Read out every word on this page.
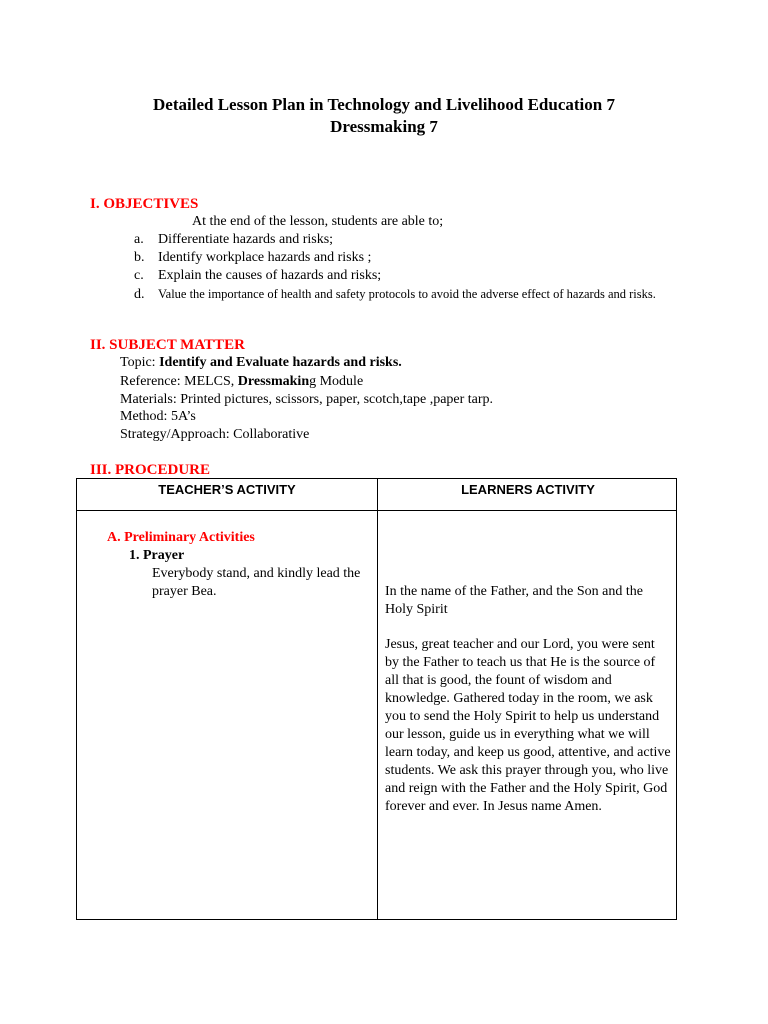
Detailed Lesson Plan in Technology and Livelihood Education 7
Dressmaking 7
I. OBJECTIVES
At the end of the lesson, students are able to;
a. Differentiate hazards and risks;
b. Identify workplace hazards and risks ;
c. Explain the causes of hazards and risks;
d. Value the importance of health and safety protocols to avoid the adverse effect of hazards and risks.
II. SUBJECT MATTER
Topic: Identify and Evaluate hazards and risks.
Reference: MELCS, Dressmaking Module
Materials: Printed pictures, scissors, paper, scotch,tape ,paper tarp.
Method: 5A’s
Strategy/Approach: Collaborative
III. PROCEDURE
TEACHER’S ACTIVITY	LEARNERS ACTIVITY
A. Preliminary Activities
1. Prayer
Everybody stand, and kindly lead the prayer Bea.	In the name of the Father, and the Son and the Holy Spirit
Jesus, great teacher and our Lord, you were sent by the Father to teach us that He is the source of all that is good, the fount of wisdom and knowledge. Gathered today in the room, we ask you to send the Holy Spirit to help us understand our lesson, guide us in everything what we will learn today, and keep us good, attentive, and active students. We ask this prayer through you, who live and reign with the Father and the Holy Spirit, God forever and ever. In Jesus name Amen.
